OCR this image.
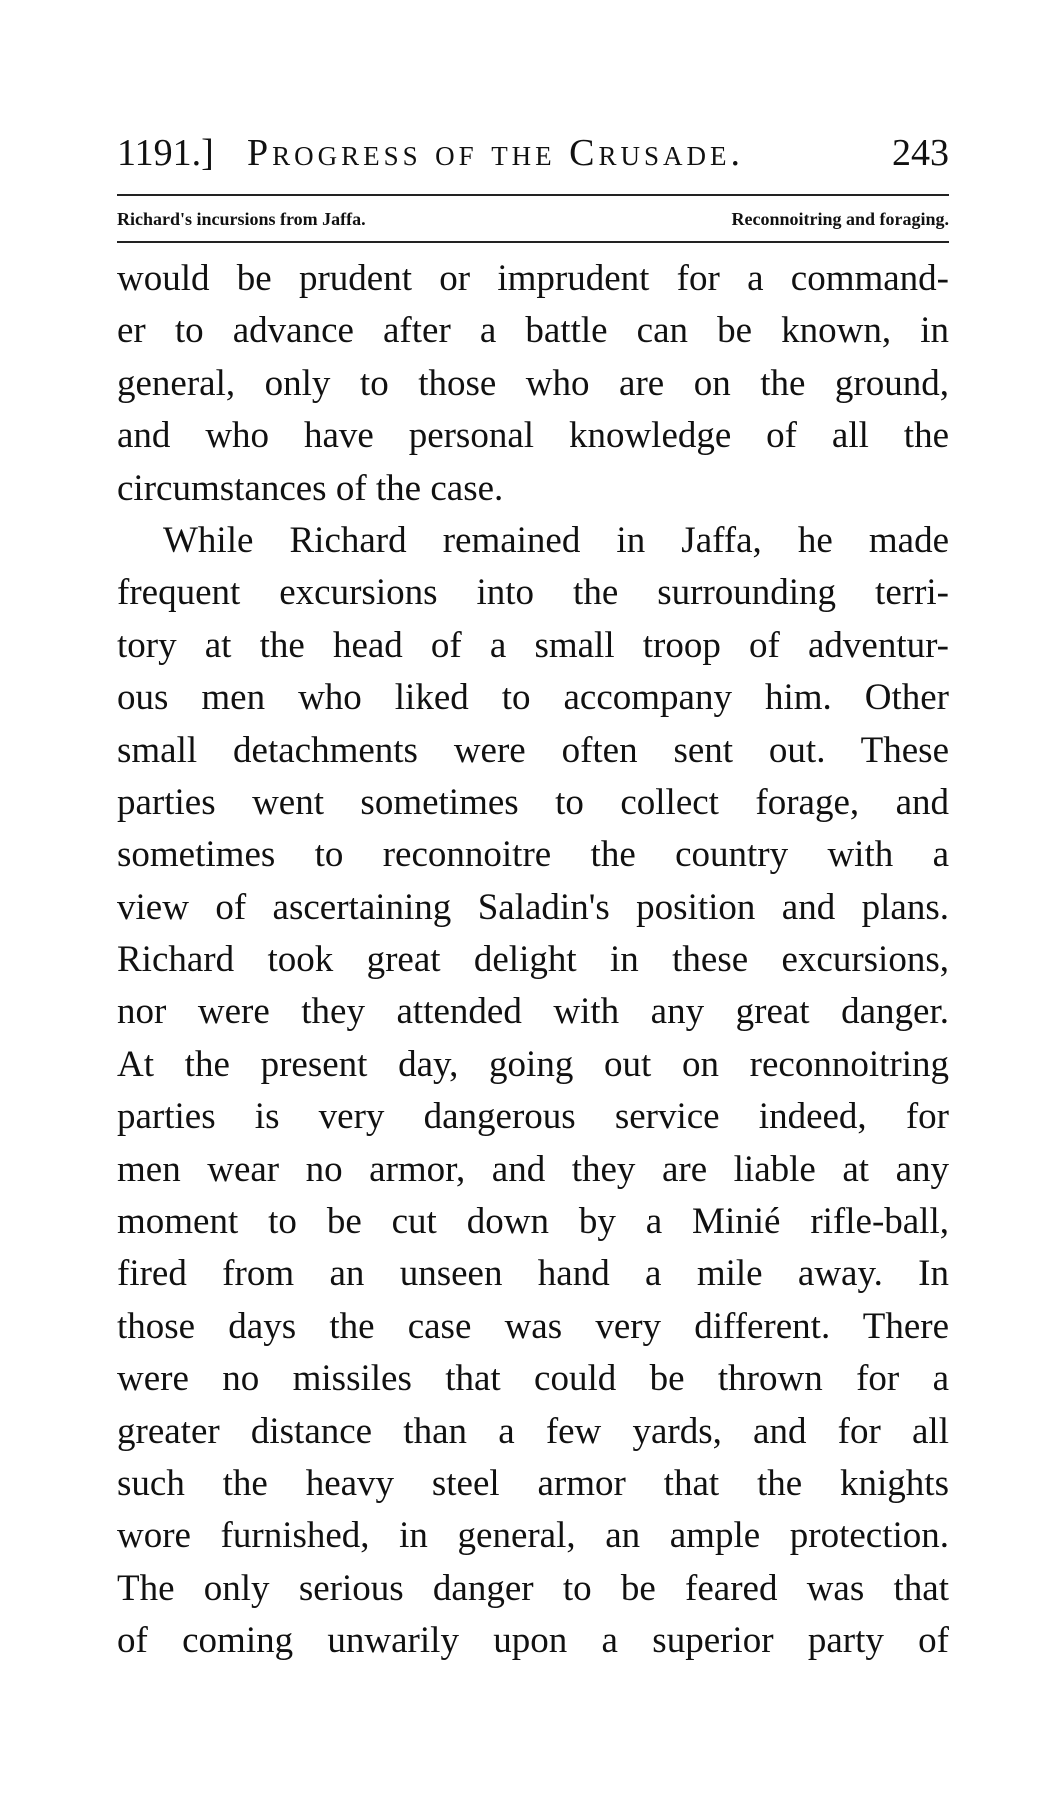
1191.] Progress of the Crusade.	243
Richard's incursions from Jaffa.	Reconnoitring and foraging.
would be prudent or imprudent for a command-
er to advance after a battle can be known, in
general, only to those who are on the ground,
and who have personal knowledge of all the
circumstances of the case.
While Richard remained in Jaffa, he made
frequent excursions into the surrounding terri-
tory at the head of a small troop of adventur-
ous men who liked to accompany him. Other
small detachments were often sent out. These
parties went sometimes to collect forage, and
sometimes to reconnoitre the country with a
view of ascertaining Saladin's position and plans.
Richard took great delight in these excursions,
nor were they attended with any great danger.
At the present day, going out on reconnoitring
parties is very dangerous service indeed, for
men wear no armor, and they are liable at any
moment to be cut down by a Minié rifle-ball,
fired from an unseen hand a mile away. In
those days the case was very different. There
were no missiles that could be thrown for a
greater distance than a few yards, and for all
such the heavy steel armor that the knights
wore furnished, in general, an ample protection.
The only serious danger to be feared was that
of coming unwarily upon a superior party of
